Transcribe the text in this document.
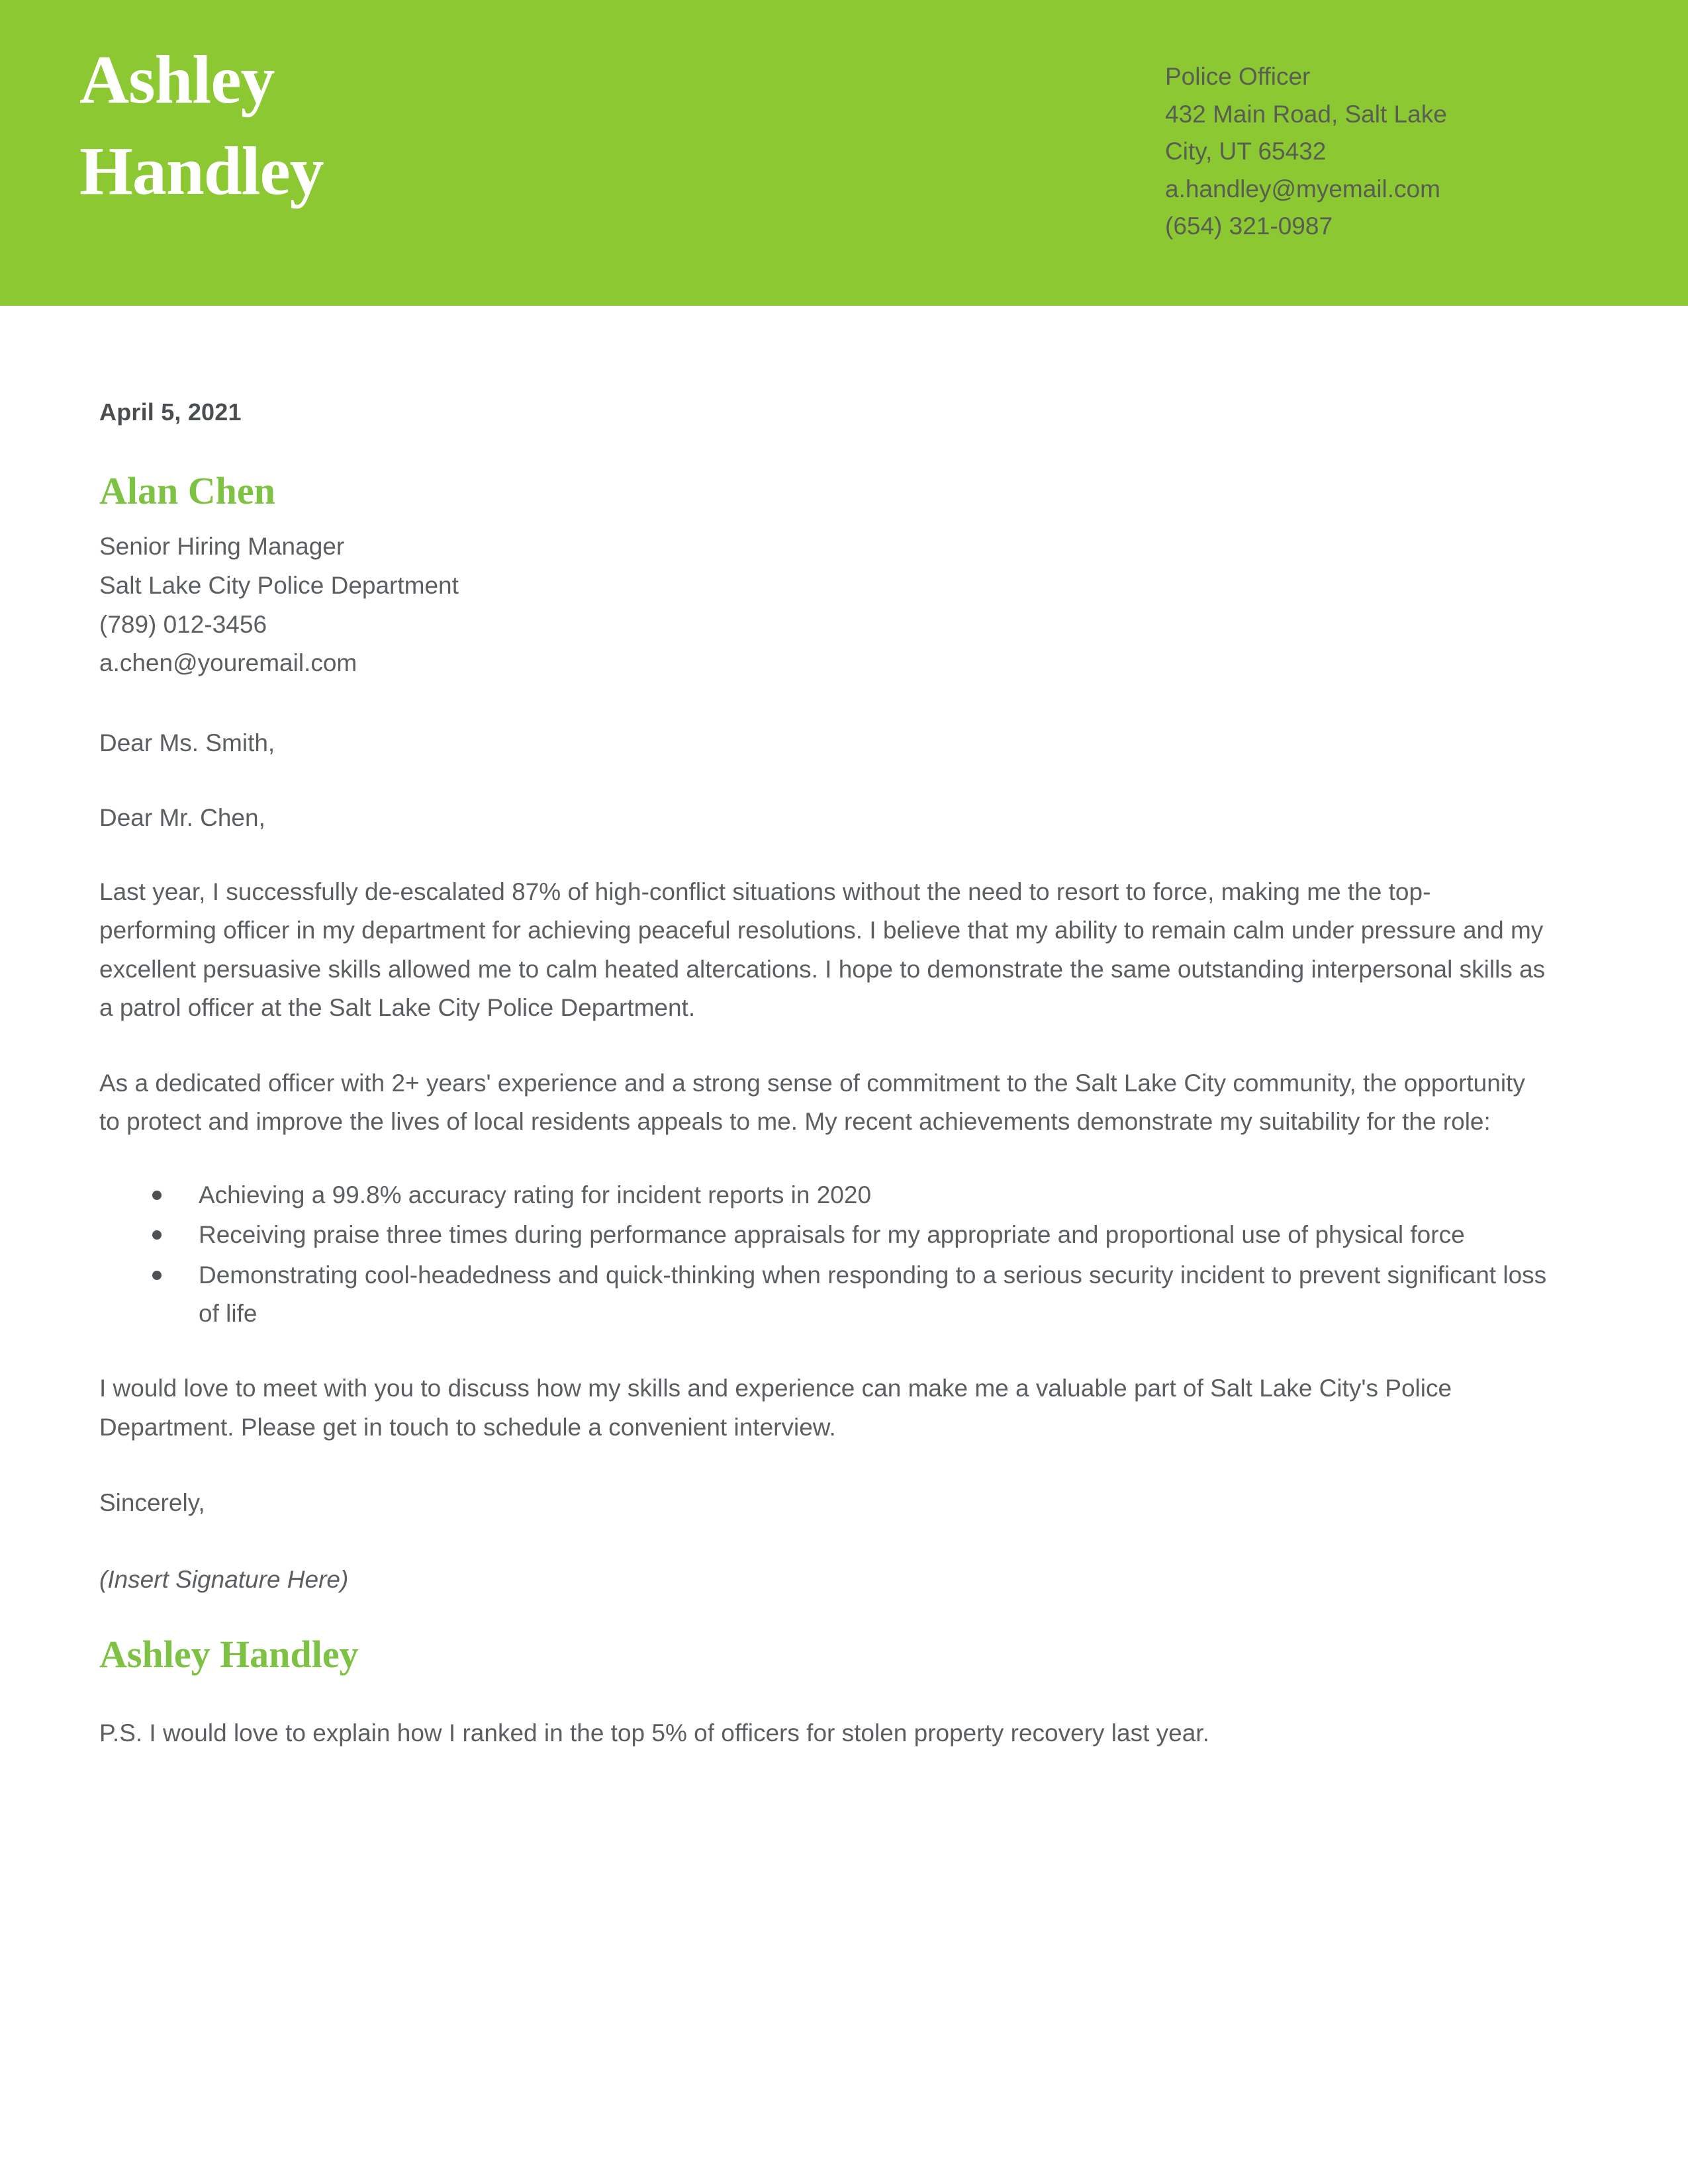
Ashley
Handley
Police Officer
432 Main Road, Salt Lake
City, UT 65432
a.handley@myemail.com
(654) 321-0987
April 5, 2021
Alan Chen
Senior Hiring Manager
Salt Lake City Police Department
(789) 012-3456
a.chen@youremail.com
Dear Ms. Smith,
Dear Mr. Chen,

Last year, I successfully de-escalated 87% of high-conflict situations without the need to resort to force, making me the top-performing officer in my department for achieving peaceful resolutions. I believe that my ability to remain calm under pressure and my excellent persuasive skills allowed me to calm heated altercations. I hope to demonstrate the same outstanding interpersonal skills as a patrol officer at the Salt Lake City Police Department.

As a dedicated officer with 2+ years' experience and a strong sense of commitment to the Salt Lake City community, the opportunity to protect and improve the lives of local residents appeals to me. My recent achievements demonstrate my suitability for the role:

Achieving a 99.8% accuracy rating for incident reports in 2020
Receiving praise three times during performance appraisals for my appropriate and proportional use of physical force
Demonstrating cool-headedness and quick-thinking when responding to a serious security incident to prevent significant loss of life

I would love to meet with you to discuss how my skills and experience can make me a valuable part of Salt Lake City's Police Department. Please get in touch to schedule a convenient interview.

Sincerely,
(Insert Signature Here)
Ashley Handley
P.S. I would love to explain how I ranked in the top 5% of officers for stolen property recovery last year.
